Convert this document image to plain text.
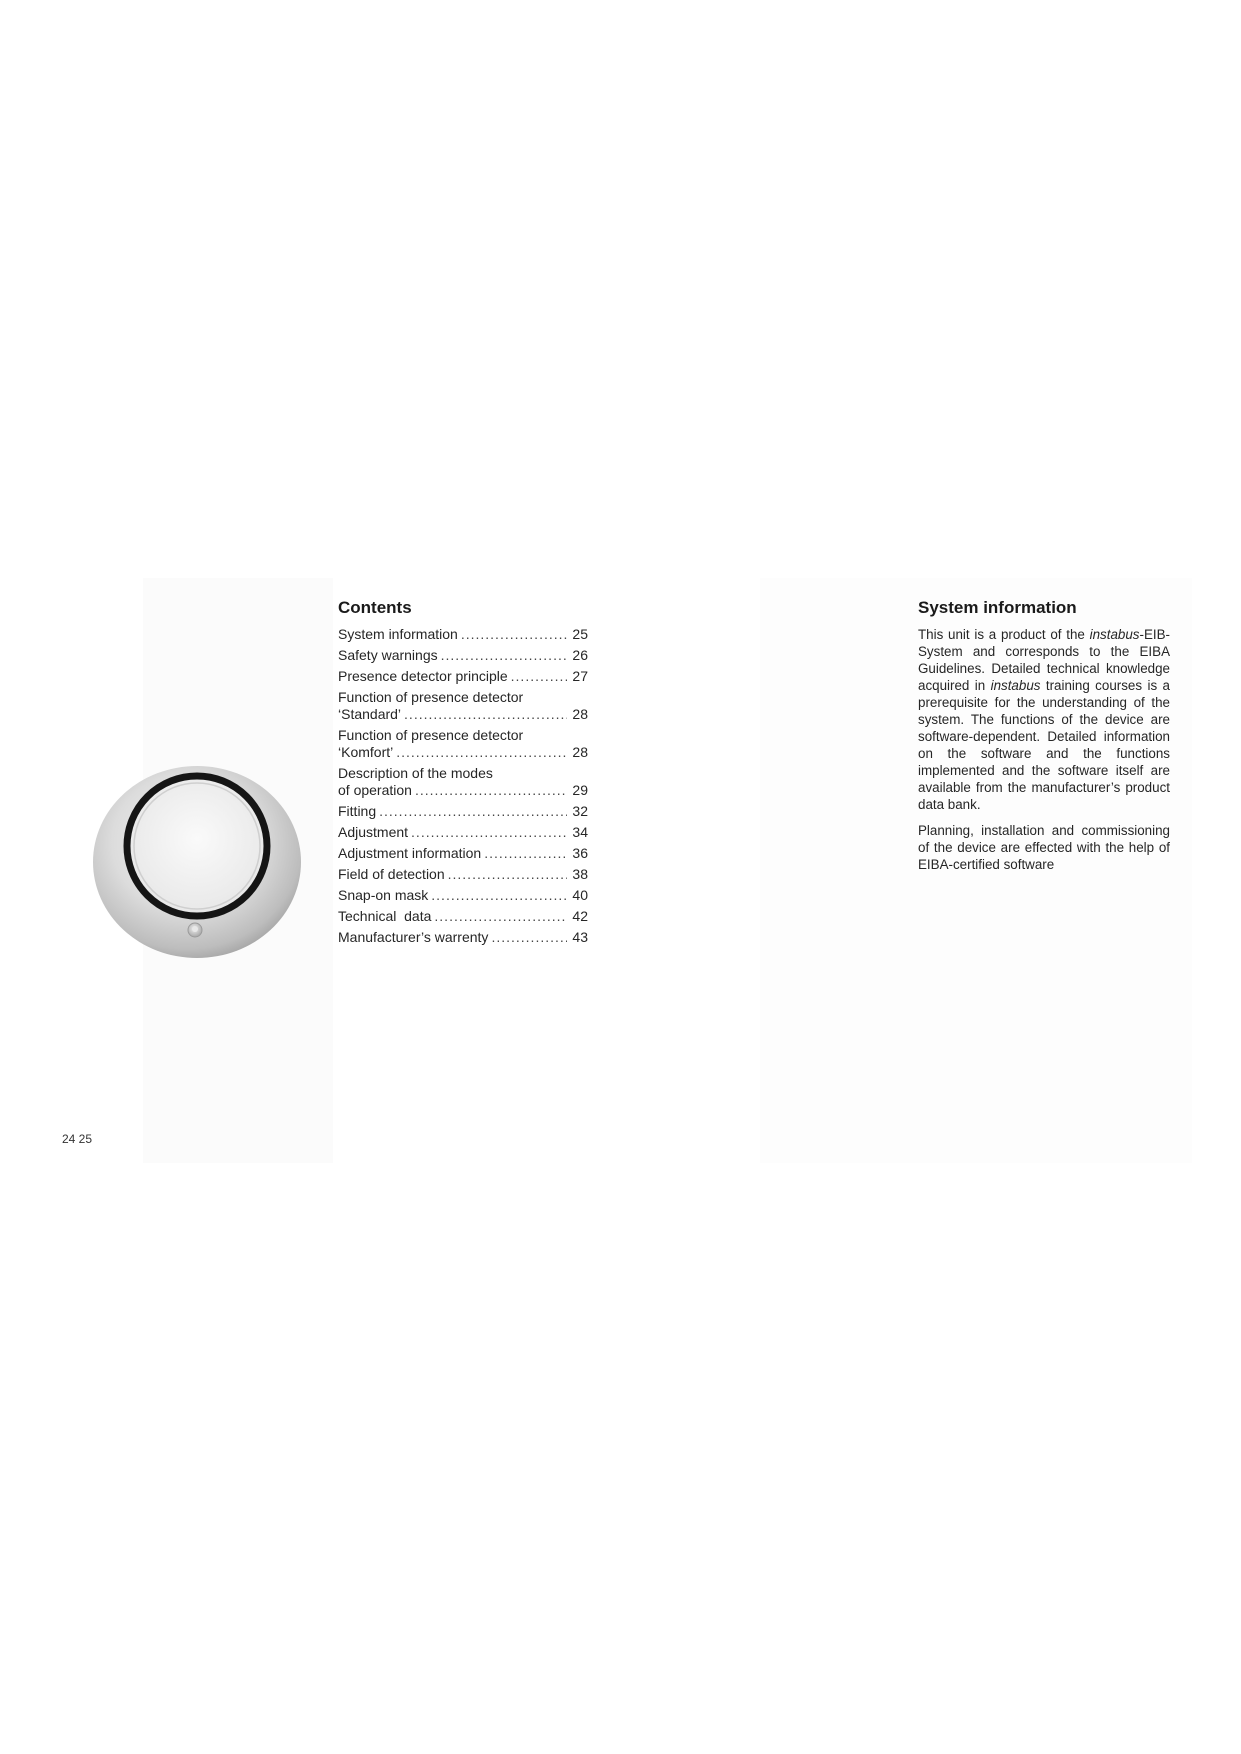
Contents
System information .....	25
Safety warnings .....	26
Presence detector principle .....	27
Function of presence detector
‘Standard’ .....	28
Function of presence detector
‘Komfort’ .....	28
Description of the modes
of operation .....	29
Fitting .....	32
Adjustment .....	34
Adjustment information .....	36
Field of detection .....	38
Snap-on mask .....	40
Technical  data .....	42
Manufacturer’s warrenty .....	43
System information

This unit is a product of the instabus-EIB-System and corresponds to the EIBA Guidelines. Detailed technical knowledge acquired in instabus training courses is a prerequisite for the understanding of the system. The functions of the device are software-dependent. Detailed information on the software and the functions implemented and the software itself are available from the manufacturer’s product data bank.

Planning, installation and commissioning of the device are effected with the help of EIBA-certified software

24 25
